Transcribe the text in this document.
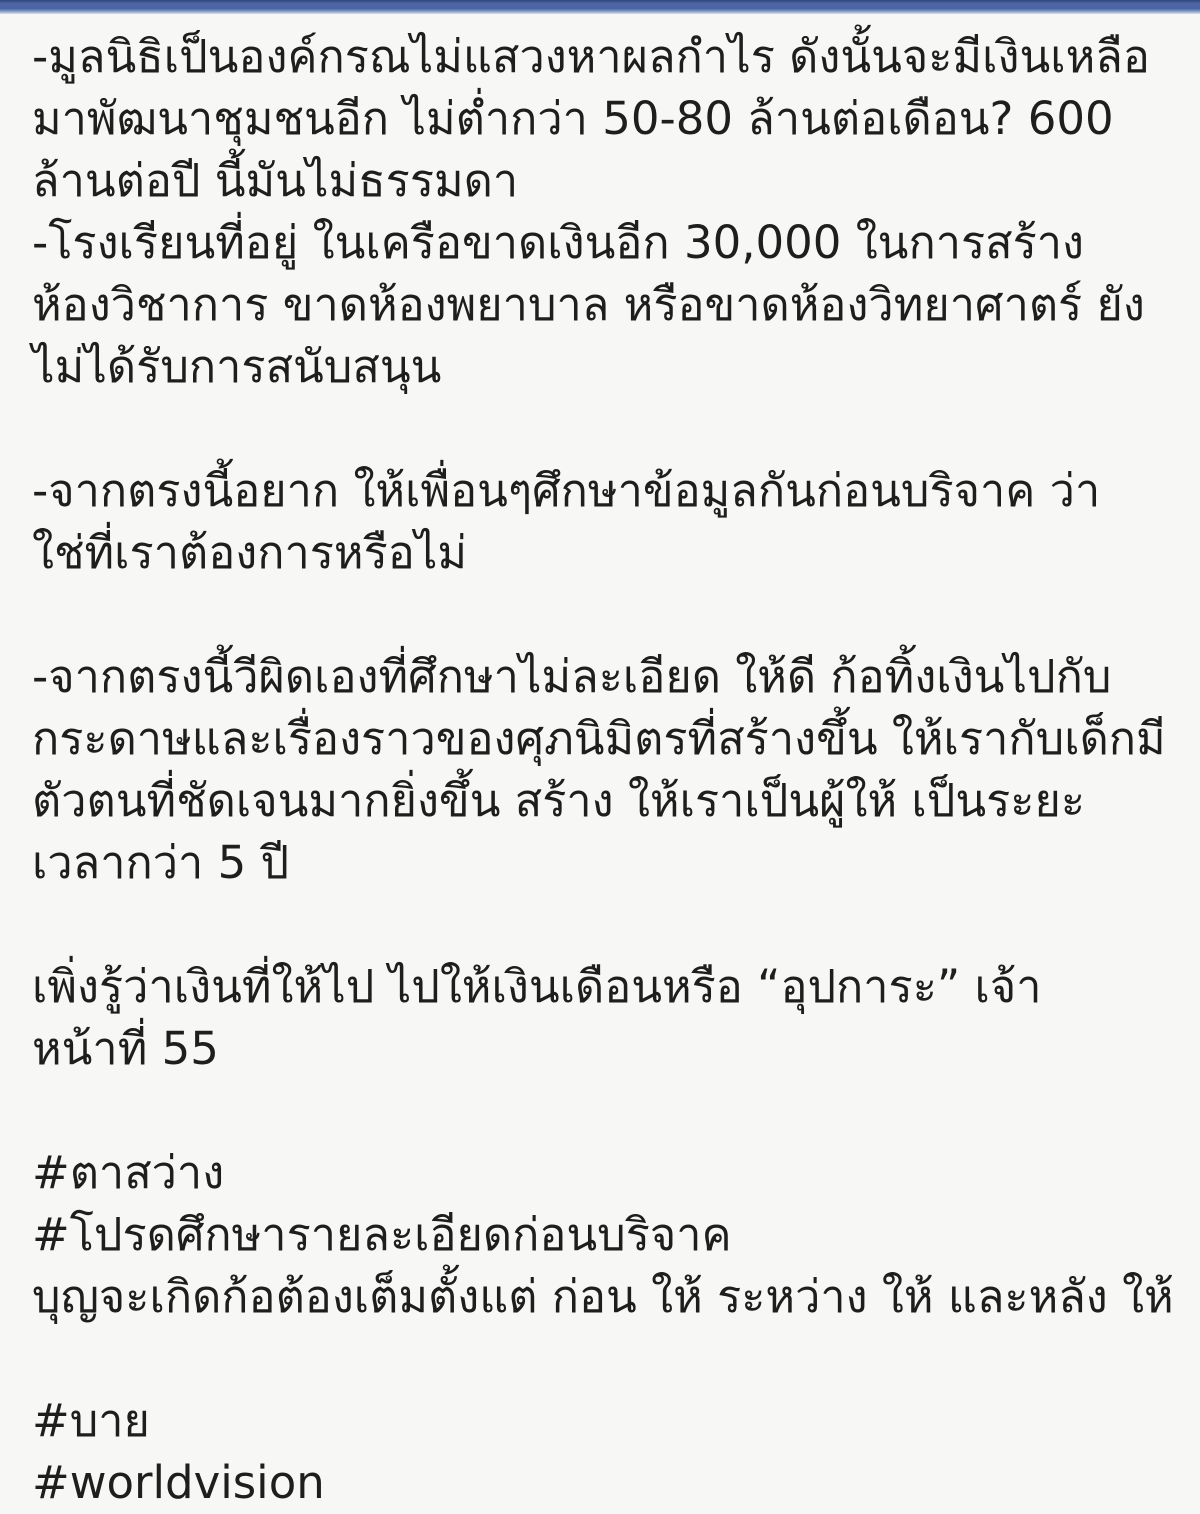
-มูลนิธิเป็นองค์กรณไม่แสวงหาผลกำไร ดังนั้นจะมีเงินเหลือ
มาพัฒนาชุมชนอีก ไม่ต่ำกว่า 50-80 ล้านต่อเดือน? 600
ล้านต่อปี นี้มันไม่ธรรมดา
-โรงเรียนที่อยู่ ในเครือขาดเงินอีก 30,000 ในการสร้าง
ห้องวิชาการ ขาดห้องพยาบาล หรือขาดห้องวิทยาศาตร์ ยัง
ไม่ได้รับการสนับสนุน

-จากตรงนี้อยาก ให้เพื่อนๆศึกษาข้อมูลกันก่อนบริจาค ว่า
ใช่ที่เราต้องการหรือไม่

-จากตรงนี้วีผิดเองที่ศึกษาไม่ละเอียด ให้ดี ก้อทิ้งเงินไปกับ
กระดาษและเรื่องราวของศุภนิมิตรที่สร้างขึ้น ให้เรากับเด็กมี
ตัวตนที่ชัดเจนมากยิ่งขึ้น สร้าง ให้เราเป็นผู้ให้ เป็นระยะ
เวลากว่า 5 ปี

เพิ่งรู้ว่าเงินที่ให้ไป ไปให้เงินเดือนหรือ “อุปการะ” เจ้า
หน้าที่ 55

#ตาสว่าง
#โปรดศึกษารายละเอียดก่อนบริจาค
บุญจะเกิดก้อต้องเต็มตั้งแต่ ก่อน ให้ ระหว่าง ให้ และหลัง ให้

#บาย
#worldvision
